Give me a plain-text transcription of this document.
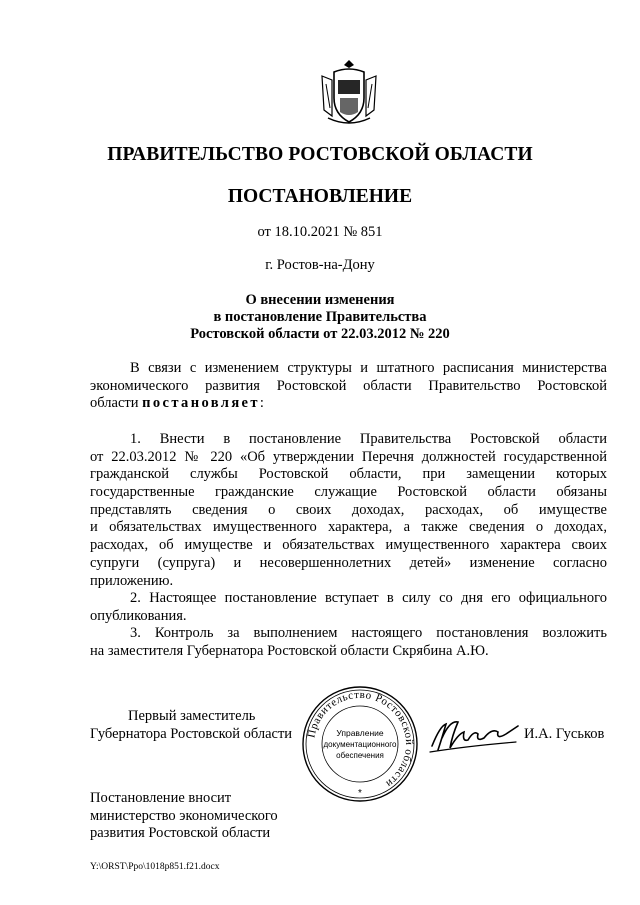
ПРАВИТЕЛЬСТВО РОСТОВСКОЙ ОБЛАСТИ
ПОСТАНОВЛЕНИЕ
от 18.10.2021 № 851
г. Ростов-на-Дону
О внесении изменения
в постановление Правительства
Ростовской области от 22.03.2012 № 220
В связи с изменением структуры и штатного расписания министерства
экономического развития Ростовской области Правительство Ростовской
области постановляет:
1. Внести в постановление Правительства Ростовской области
от 22.03.2012 № 220 «Об утверждении Перечня должностей государственной
гражданской службы Ростовской области, при замещении которых
государственные гражданские служащие Ростовской области обязаны
представлять сведения о своих доходах, расходах, об имуществе
и обязательствах имущественного характера, а также сведения о доходах,
расходах, об имуществе и обязательствах имущественного характера своих
супруги (супруга) и несовершеннолетних детей» изменение согласно
приложению.
2. Настоящее постановление вступает в силу со дня его официального
опубликования.
3. Контроль за выполнением настоящего постановления возложить
на заместителя Губернатора Ростовской области Скрябина А.Ю.
Первый заместитель
Губернатора Ростовской области Правительство Ростовской области
Управление
документационного
обеспечения
*
И.А. Гуськов
Постановление вносит
министерство экономического
развития Ростовской области
Y:\ORST\Ppo\1018p851.f21.docx
